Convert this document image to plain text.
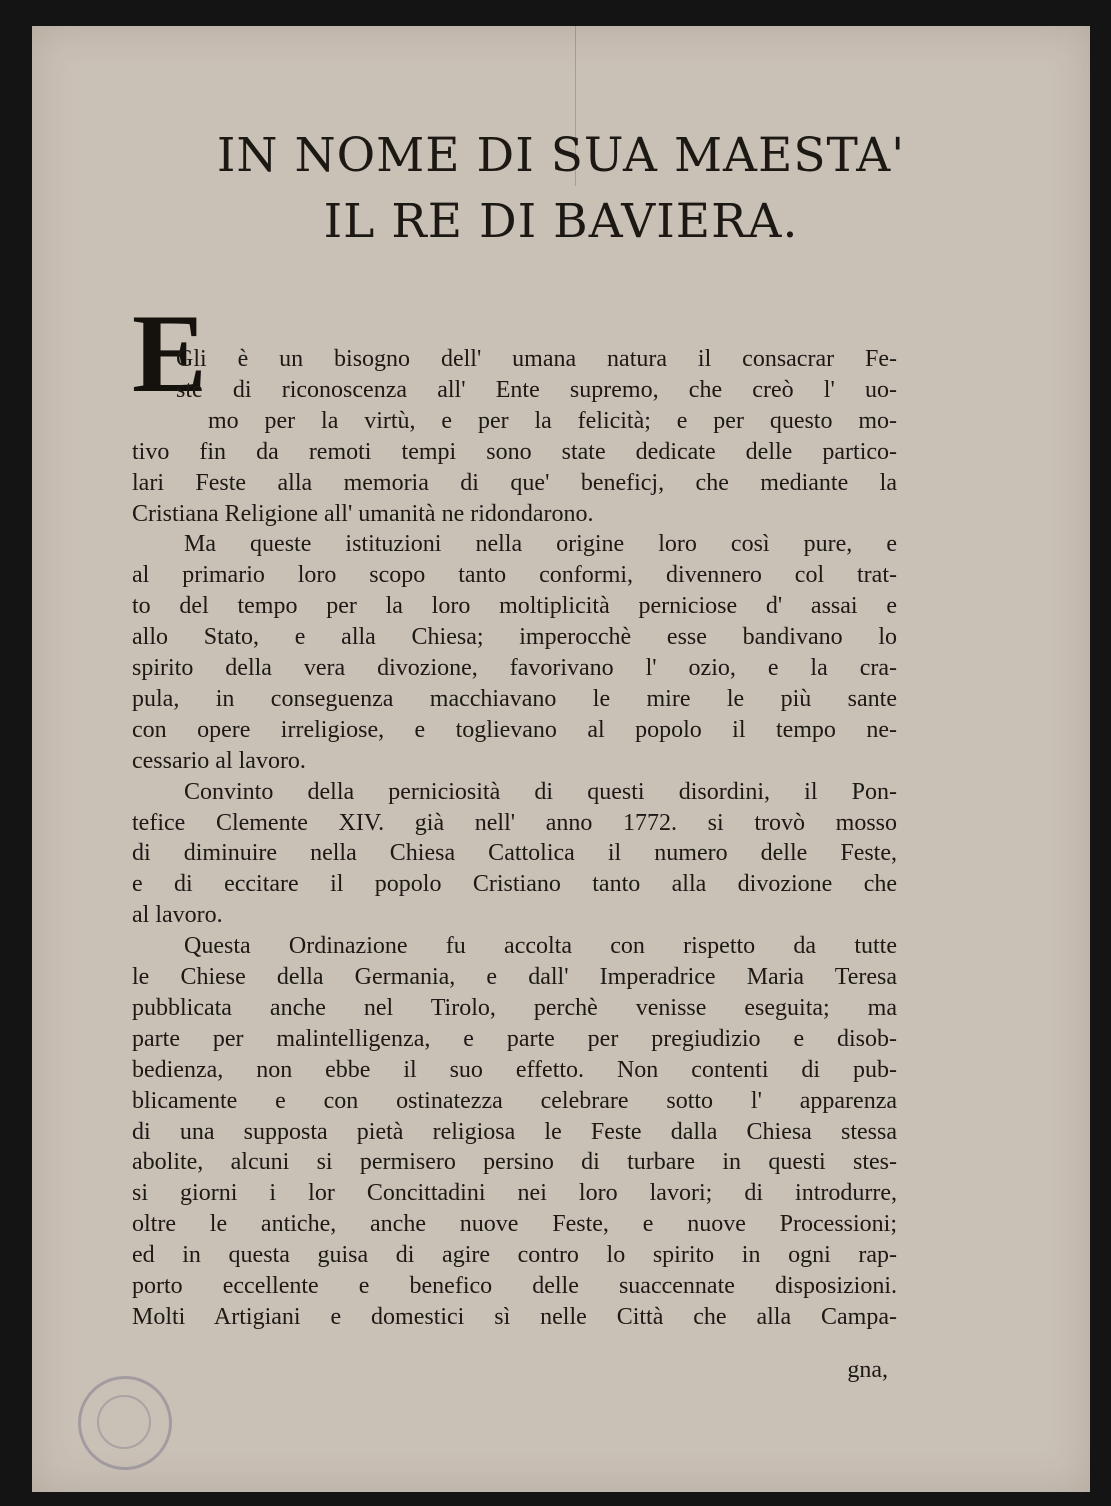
IN NOME DI SUA MAESTA'
IL RE DI BAVIERA.
E
Gli è un bisogno dell' umana natura il consacrar Fe-
ste di riconoscenza all' Ente supremo, che creò l' uo-
mo per la virtù, e per la felicità; e per questo mo-
tivo fin da remoti tempi sono state dedicate delle partico-
lari Feste alla memoria di que' beneficj, che mediante la
Cristiana Religione all' umanità ne ridondarono.
Ma queste istituzioni nella origine loro così pure, e
al primario loro scopo tanto conformi, divennero col trat-
to del tempo per la loro moltiplicità perniciose d' assai e
allo Stato, e alla Chiesa; imperocchè esse bandivano lo
spirito della vera divozione, favorivano l' ozio, e la cra-
pula, in conseguenza macchiavano le mire le più sante
con opere irreligiose, e toglievano al popolo il tempo ne-
cessario al lavoro.
Convinto della perniciosità di questi disordini, il Pon-
tefice Clemente XIV. già nell' anno 1772. si trovò mosso
di diminuire nella Chiesa Cattolica il numero delle Feste,
e di eccitare il popolo Cristiano tanto alla divozione che
al lavoro.
Questa Ordinazione fu accolta con rispetto da tutte
le Chiese della Germania, e dall' Imperadrice Maria Teresa
pubblicata anche nel Tirolo, perchè venisse eseguita; ma
parte per malintelligenza, e parte per pregiudizio e disob-
bedienza, non ebbe il suo effetto. Non contenti di pub-
blicamente e con ostinatezza celebrare sotto l' apparenza
di una supposta pietà religiosa le Feste dalla Chiesa stessa
abolite, alcuni si permisero persino di turbare in questi stes-
si giorni i lor Concittadini nei loro lavori; di introdurre,
oltre le antiche, anche nuove Feste, e nuove Processioni;
ed in questa guisa di agire contro lo spirito in ogni rap-
porto eccellente e benefico delle suaccennate disposizioni.
Molti Artigiani e domestici sì nelle Città che alla Campa-
gna,
